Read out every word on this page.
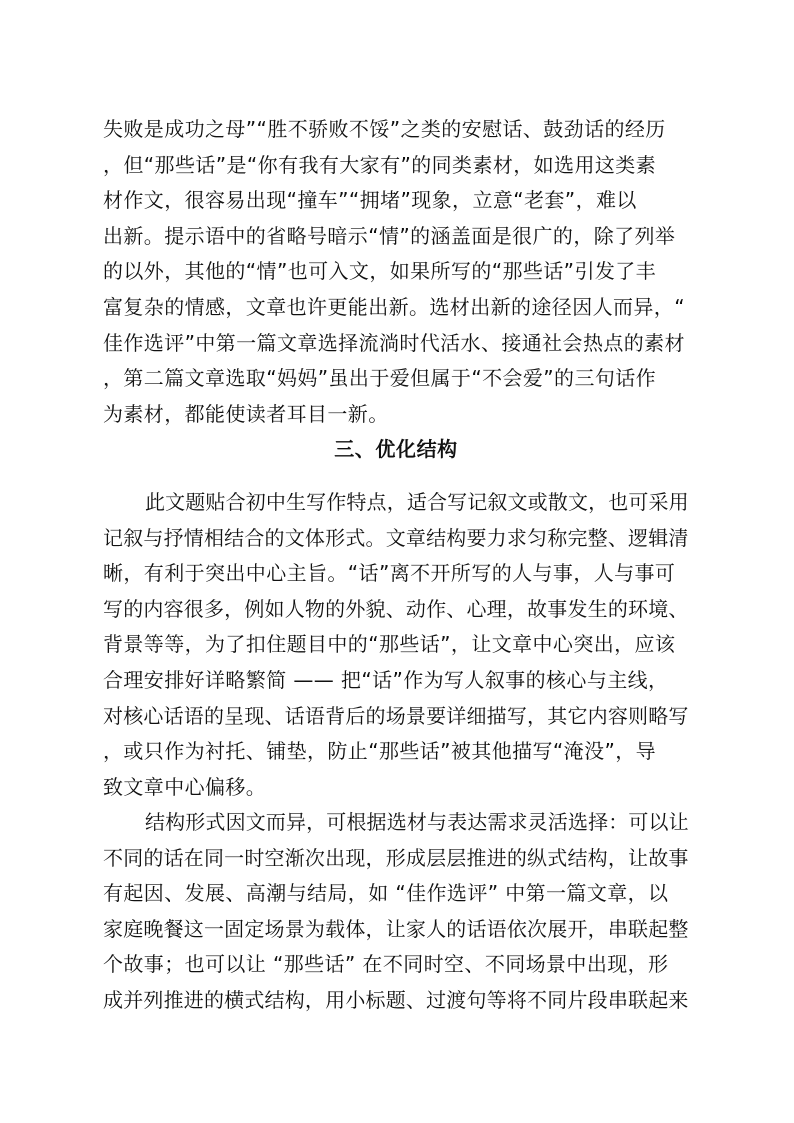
失败是成功之母”“胜不骄败不馁”之类的安慰话、鼓劲话的经历
，但“那些话”是“你有我有大家有”的同类素材，如选用这类素
材作文，很容易出现“撞车”“拥堵”现象，立意“老套”，难以
出新。提示语中的省略号暗示“情”的涵盖面是很广的，除了列举
的以外，其他的“情”也可入文，如果所写的“那些话”引发了丰
富复杂的情感，文章也许更能出新。选材出新的途径因人而异，“
佳作选评”中第一篇文章选择流淌时代活水、接通社会热点的素材
，第二篇文章选取“妈妈”虽出于爱但属于“不会爱”的三句话作
为素材，都能使读者耳目一新。
三、优化结构
此文题贴合初中生写作特点，适合写记叙文或散文，也可采用
记叙与抒情相结合的文体形式。文章结构要力求匀称完整、逻辑清
晰，有利于突出中心主旨。“话”离不开所写的人与事，人与事可
写的内容很多，例如人物的外貌、动作、心理，故事发生的环境、
背景等等，为了扣住题目中的“那些话”，让文章中心突出，应该
合理安排好详略繁简 —— 把“话”作为写人叙事的核心与主线，
对核心话语的呈现、话语背后的场景要详细描写，其它内容则略写
，或只作为衬托、铺垫，防止“那些话”被其他描写“淹没”，导
致文章中心偏移。
结构形式因文而异，可根据选材与表达需求灵活选择：可以让
不同的话在同一时空渐次出现，形成层层推进的纵式结构，让故事
有起因、发展、高潮与结局，如 “佳作选评” 中第一篇文章，以
家庭晚餐这一固定场景为载体，让家人的话语依次展开，串联起整
个故事；也可以让 “那些话” 在不同时空、不同场景中出现，形
成并列推进的横式结构，用小标题、过渡句等将不同片段串联起来
